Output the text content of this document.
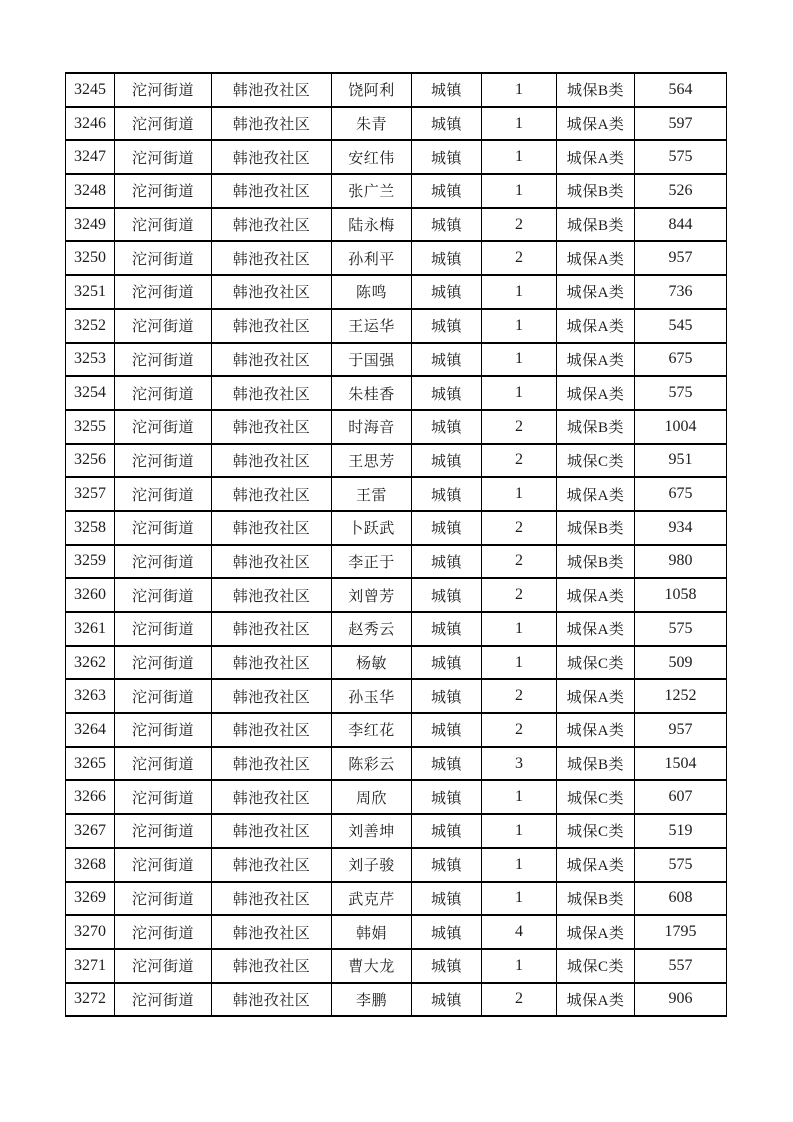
3245	沱河街道	韩池孜社区	饶阿利	城镇	1	城保B类	564
3246	沱河街道	韩池孜社区	朱青	城镇	1	城保A类	597
3247	沱河街道	韩池孜社区	安红伟	城镇	1	城保A类	575
3248	沱河街道	韩池孜社区	张广兰	城镇	1	城保B类	526
3249	沱河街道	韩池孜社区	陆永梅	城镇	2	城保B类	844
3250	沱河街道	韩池孜社区	孙利平	城镇	2	城保A类	957
3251	沱河街道	韩池孜社区	陈鸣	城镇	1	城保A类	736
3252	沱河街道	韩池孜社区	王运华	城镇	1	城保A类	545
3253	沱河街道	韩池孜社区	于国强	城镇	1	城保A类	675
3254	沱河街道	韩池孜社区	朱桂香	城镇	1	城保A类	575
3255	沱河街道	韩池孜社区	时海音	城镇	2	城保B类	1004
3256	沱河街道	韩池孜社区	王思芳	城镇	2	城保C类	951
3257	沱河街道	韩池孜社区	王雷	城镇	1	城保A类	675
3258	沱河街道	韩池孜社区	卜跃武	城镇	2	城保B类	934
3259	沱河街道	韩池孜社区	李正于	城镇	2	城保B类	980
3260	沱河街道	韩池孜社区	刘曾芳	城镇	2	城保A类	1058
3261	沱河街道	韩池孜社区	赵秀云	城镇	1	城保A类	575
3262	沱河街道	韩池孜社区	杨敏	城镇	1	城保C类	509
3263	沱河街道	韩池孜社区	孙玉华	城镇	2	城保A类	1252
3264	沱河街道	韩池孜社区	李红花	城镇	2	城保A类	957
3265	沱河街道	韩池孜社区	陈彩云	城镇	3	城保B类	1504
3266	沱河街道	韩池孜社区	周欣	城镇	1	城保C类	607
3267	沱河街道	韩池孜社区	刘善坤	城镇	1	城保C类	519
3268	沱河街道	韩池孜社区	刘子骏	城镇	1	城保A类	575
3269	沱河街道	韩池孜社区	武克芹	城镇	1	城保B类	608
3270	沱河街道	韩池孜社区	韩娟	城镇	4	城保A类	1795
3271	沱河街道	韩池孜社区	曹大龙	城镇	1	城保C类	557
3272	沱河街道	韩池孜社区	李鹏	城镇	2	城保A类	906
